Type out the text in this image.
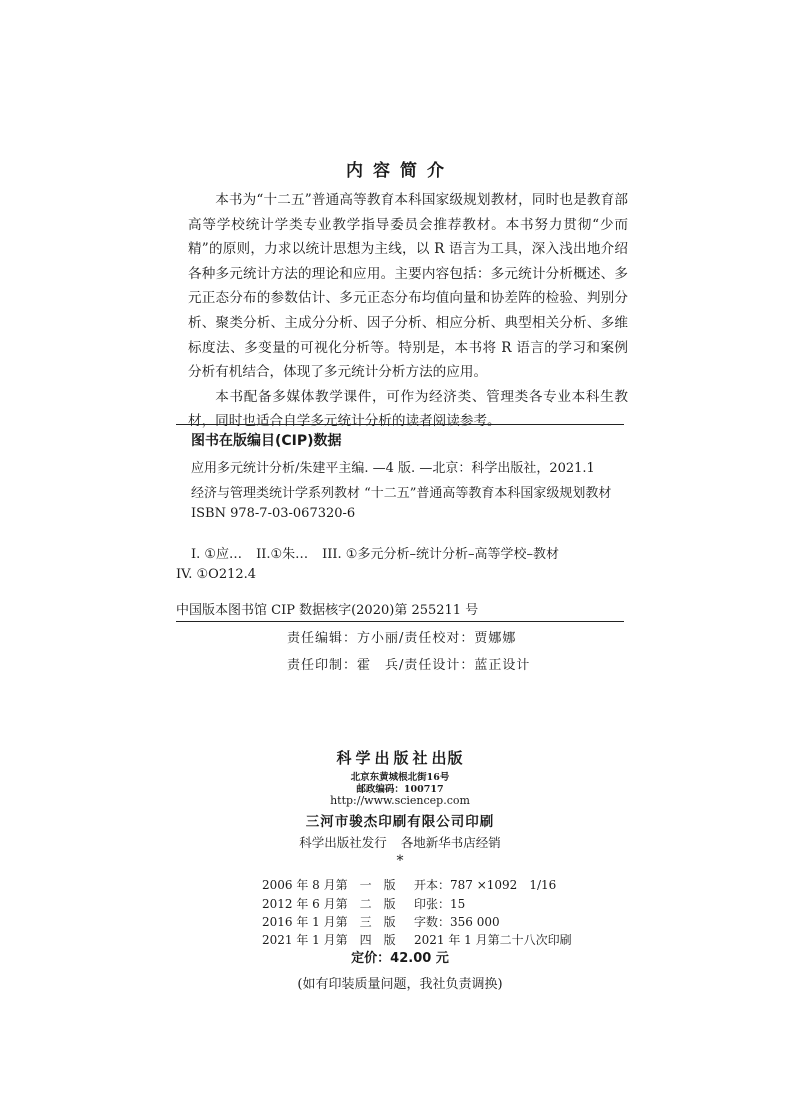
内容简介

本书为“十二五”普通高等教育本科国家级规划教材，同时也是教育部高等学校统计学类专业教学指导委员会推荐教材。本书努力贯彻“少而精”的原则，力求以统计思想为主线，以 R 语言为工具，深入浅出地介绍各种多元统计方法的理论和应用。主要内容包括：多元统计分析概述、多元正态分布的参数估计、多元正态分布均值向量和协差阵的检验、判别分析、聚类分析、主成分分析、因子分析、相应分析、典型相关分析、多维标度法、多变量的可视化分析等。特别是，本书将 R 语言的学习和案例分析有机结合，体现了多元统计分析方法的应用。

本书配备多媒体教学课件，可作为经济类、管理类各专业本科生教材，同时也适合自学多元统计分析的读者阅读参考。

图书在版编目(CIP)数据
应用多元统计分析/朱建平主编. —4 版. —北京：科学出版社，2021.1
经济与管理类统计学系列教材 “十二五”普通高等教育本科国家级规划教材
ISBN 978-7-03-067320-6
I. ①应… II.①朱… III. ①多元分析–统计分析–高等学校–教材
IV. ①O212.4
中国版本图书馆 CIP 数据核字(2020)第 255211 号
责任编辑：方小丽/责任校对：贾娜娜
责任印制：霍　兵/责任设计：蓝正设计
科学出版社出版
北京东黄城根北街16号
邮政编码：100717
http://www.sciencep.com
三河市骏杰印刷有限公司印刷
科学出版社发行 各地新华书店经销
*
2006 年 8 月第　一　版 开本：787 ×1092　1/16
2012 年 6 月第　二　版 印张：15
2016 年 1 月第　三　版 字数：356 000
2021 年 1 月第　四　版 2021 年 1 月第二十八次印刷
定价：42.00 元
(如有印装质量问题，我社负责调换)
